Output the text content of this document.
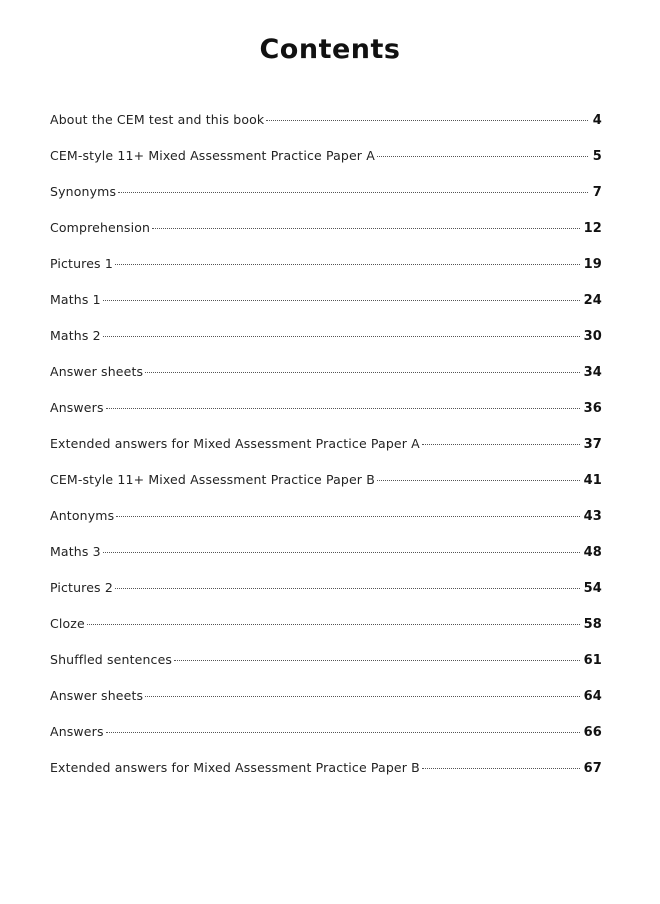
Contents
About the CEM test and this book	4
CEM-style 11+ Mixed Assessment Practice Paper A	5
Synonyms	7
Comprehension	12
Pictures 1	19
Maths 1	24
Maths 2	30
Answer sheets	34
Answers	36
Extended answers for Mixed Assessment Practice Paper A	37
CEM-style 11+ Mixed Assessment Practice Paper B	41
Antonyms	43
Maths 3	48
Pictures 2	54
Cloze	58
Shuffled sentences	61
Answer sheets	64
Answers	66
Extended answers for Mixed Assessment Practice Paper B	67
